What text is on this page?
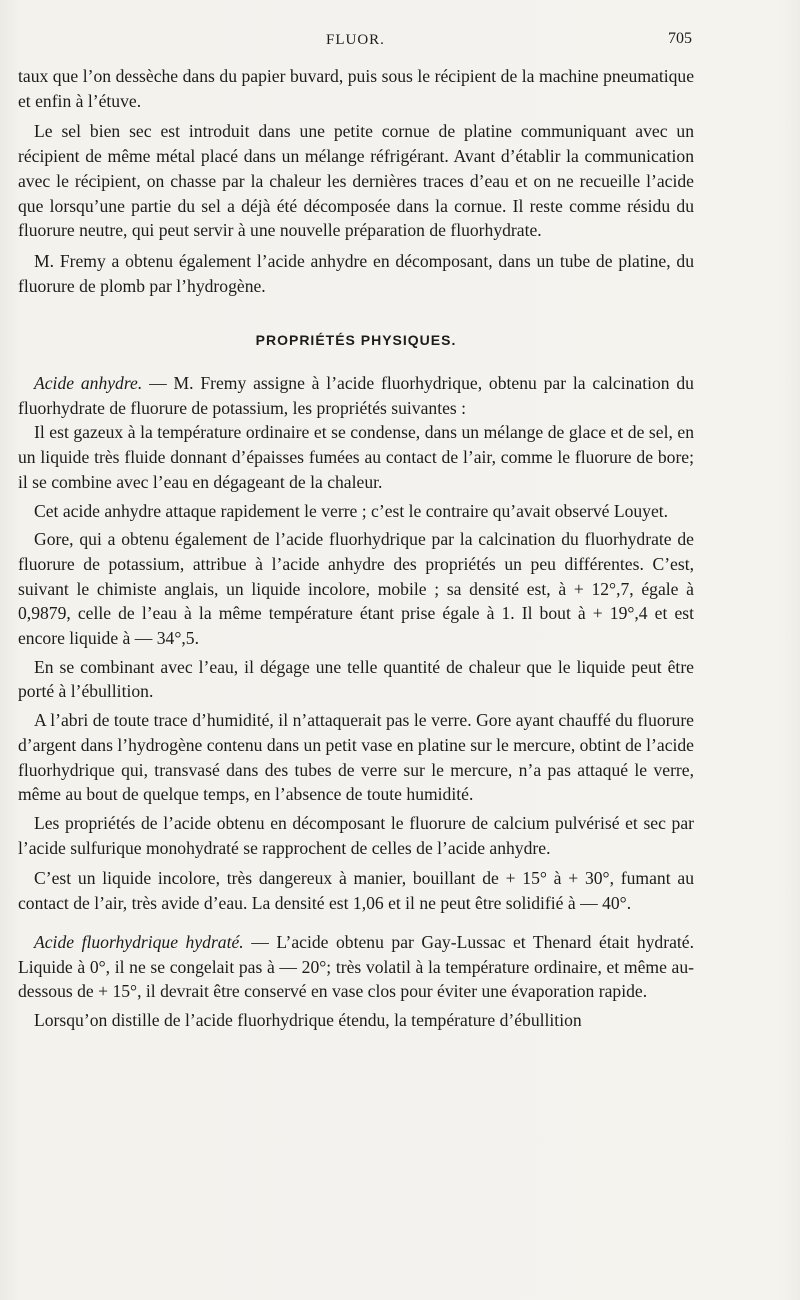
FLUOR.	705

taux que l’on dessèche dans du papier buvard, puis sous le récipient de la machine pneumatique et enfin à l’étuve.

Le sel bien sec est introduit dans une petite cornue de platine communiquant avec un récipient de même métal placé dans un mélange réfrigérant. Avant d’établir la communication avec le récipient, on chasse par la chaleur les dernières traces d’eau et on ne recueille l’acide que lorsqu’une partie du sel a déjà été décomposée dans la cornue. Il reste comme résidu du fluorure neutre, qui peut servir à une nouvelle préparation de fluorhydrate.

M. Fremy a obtenu également l’acide anhydre en décomposant, dans un tube de platine, du fluorure de plomb par l’hydrogène.

PROPRIÉTÉS PHYSIQUES.

Acide anhydre. — M. Fremy assigne à l’acide fluorhydrique, obtenu par la calcination du fluorhydrate de fluorure de potassium, les propriétés suivantes :

Il est gazeux à la température ordinaire et se condense, dans un mélange de glace et de sel, en un liquide très fluide donnant d’épaisses fumées au contact de l’air, comme le fluorure de bore; il se combine avec l’eau en dégageant de la chaleur.

Cet acide anhydre attaque rapidement le verre ; c’est le contraire qu’avait observé Louyet.

Gore, qui a obtenu également de l’acide fluorhydrique par la calcination du fluorhydrate de fluorure de potassium, attribue à l’acide anhydre des propriétés un peu différentes. C’est, suivant le chimiste anglais, un liquide incolore, mobile ; sa densité est, à + 12°,7, égale à 0,9879, celle de l’eau à la même température étant prise égale à 1. Il bout à + 19°,4 et est encore liquide à — 34°,5.

En se combinant avec l’eau, il dégage une telle quantité de chaleur que le liquide peut être porté à l’ébullition.

A l’abri de toute trace d’humidité, il n’attaquerait pas le verre. Gore ayant chauffé du fluorure d’argent dans l’hydrogène contenu dans un petit vase en platine sur le mercure, obtint de l’acide fluorhydrique qui, transvasé dans des tubes de verre sur le mercure, n’a pas attaqué le verre, même au bout de quelque temps, en l’absence de toute humidité.

Les propriétés de l’acide obtenu en décomposant le fluorure de calcium pulvérisé et sec par l’acide sulfurique monohydraté se rapprochent de celles de l’acide anhydre.

C’est un liquide incolore, très dangereux à manier, bouillant de + 15° à + 30°, fumant au contact de l’air, très avide d’eau. La densité est 1,06 et il ne peut être solidifié à — 40°.

Acide fluorhydrique hydraté. — L’acide obtenu par Gay-Lussac et Thenard était hydraté. Liquide à 0°, il ne se congelait pas à — 20°; très volatil à la température ordinaire, et même au-dessous de + 15°, il devrait être conservé en vase clos pour éviter une évaporation rapide.

Lorsqu’on distille de l’acide fluorhydrique étendu, la température d’ébullition
